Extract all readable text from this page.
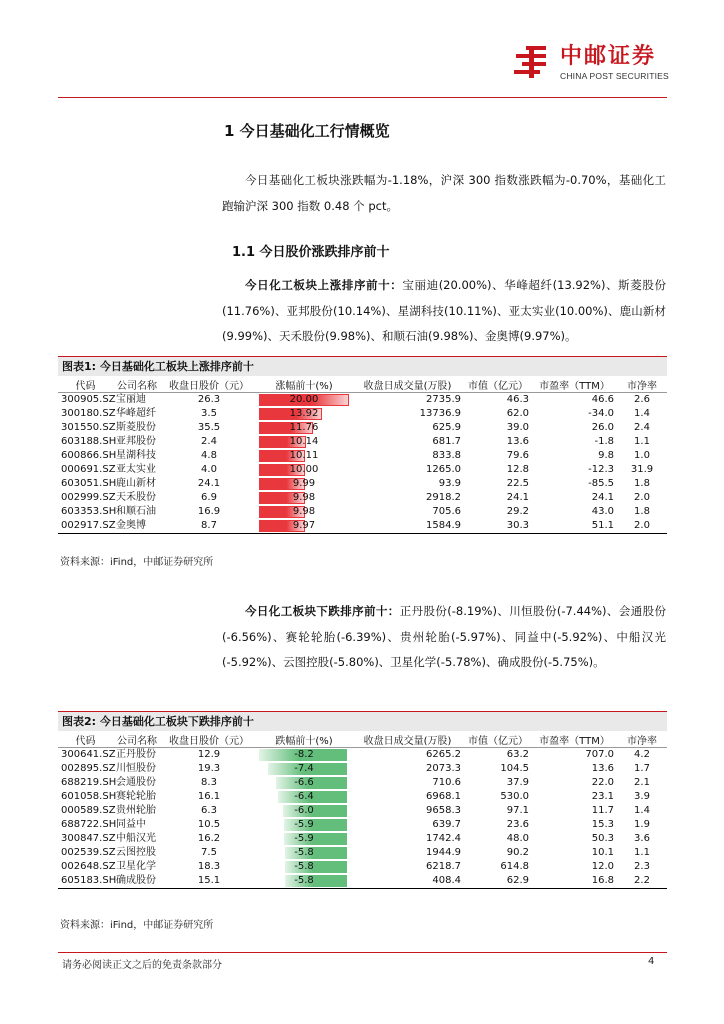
中邮证券
CHINA POST SECURITIES
1 今日基础化工行情概览
今日基础化工板块涨跌幅为-1.18%，沪深 300 指数涨跌幅为-0.70%，基础化工跑输沪深 300 指数 0.48 个 pct。
1.1 今日股价涨跌排序前十
今日化工板块上涨排序前十：宝丽迪(20.00%)、华峰超纤(13.92%)、斯菱股份(11.76%)、亚邦股份(10.14%)、星湖科技(10.11%)、亚太实业(10.00%)、鹿山新材(9.99%)、天禾股份(9.98%)、和顺石油(9.98%)、金奥博(9.97%)。
图表1: 今日基础化工板块上涨排序前十
代码	公司名称	收盘日股价（元）	涨幅前十(%)	收盘日成交量(万股)	市值（亿元）	市盈率（TTM）	市净率
300905.SZ	宝丽迪	26.3	20.00	2735.9	46.3	46.6	2.6
300180.SZ	华峰超纤	3.5	13.92	13736.9	62.0	-34.0	1.4
301550.SZ	斯菱股份	35.5	11.76	625.9	39.0	26.0	2.4
603188.SH	亚邦股份	2.4	10.14	681.7	13.6	-1.8	1.1
600866.SH	星湖科技	4.8	10.11	833.8	79.6	9.8	1.0
000691.SZ	亚太实业	4.0	10.00	1265.0	12.8	-12.3	31.9
603051.SH	鹿山新材	24.1	9.99	93.9	22.5	-85.5	1.8
002999.SZ	天禾股份	6.9	9.98	2918.2	24.1	24.1	2.0
603353.SH	和顺石油	16.9	9.98	705.6	29.2	43.0	1.8
002917.SZ	金奥博	8.7	9.97	1584.9	30.3	51.1	2.0
资料来源：iFind，中邮证券研究所
今日化工板块下跌排序前十：正丹股份(-8.19%)、川恒股份(-7.44%)、会通股份(-6.56%)、赛轮轮胎(-6.39%)、贵州轮胎(-5.97%)、同益中(-5.92%)、中船汉光(-5.92%)、云图控股(-5.80%)、卫星化学(-5.78%)、确成股份(-5.75%)。
图表2: 今日基础化工板块下跌排序前十
代码	公司名称	收盘日股价（元）	跌幅前十(%)	收盘日成交量(万股)	市值（亿元）	市盈率（TTM）	市净率
300641.SZ	正丹股份	12.9	-8.2	6265.2	63.2	707.0	4.2
002895.SZ	川恒股份	19.3	-7.4	2073.3	104.5	13.6	1.7
688219.SH	会通股份	8.3	-6.6	710.6	37.9	22.0	2.1
601058.SH	赛轮轮胎	16.1	-6.4	6968.1	530.0	23.1	3.9
000589.SZ	贵州轮胎	6.3	-6.0	9658.3	97.1	11.7	1.4
688722.SH	同益中	10.5	-5.9	639.7	23.6	15.3	1.9
300847.SZ	中船汉光	16.2	-5.9	1742.4	48.0	50.3	3.6
002539.SZ	云图控股	7.5	-5.8	1944.9	90.2	10.1	1.1
002648.SZ	卫星化学	18.3	-5.8	6218.7	614.8	12.0	2.3
605183.SH	确成股份	15.1	-5.8	408.4	62.9	16.8	2.2
资料来源：iFind，中邮证券研究所
请务必阅读正文之后的免责条款部分	4
